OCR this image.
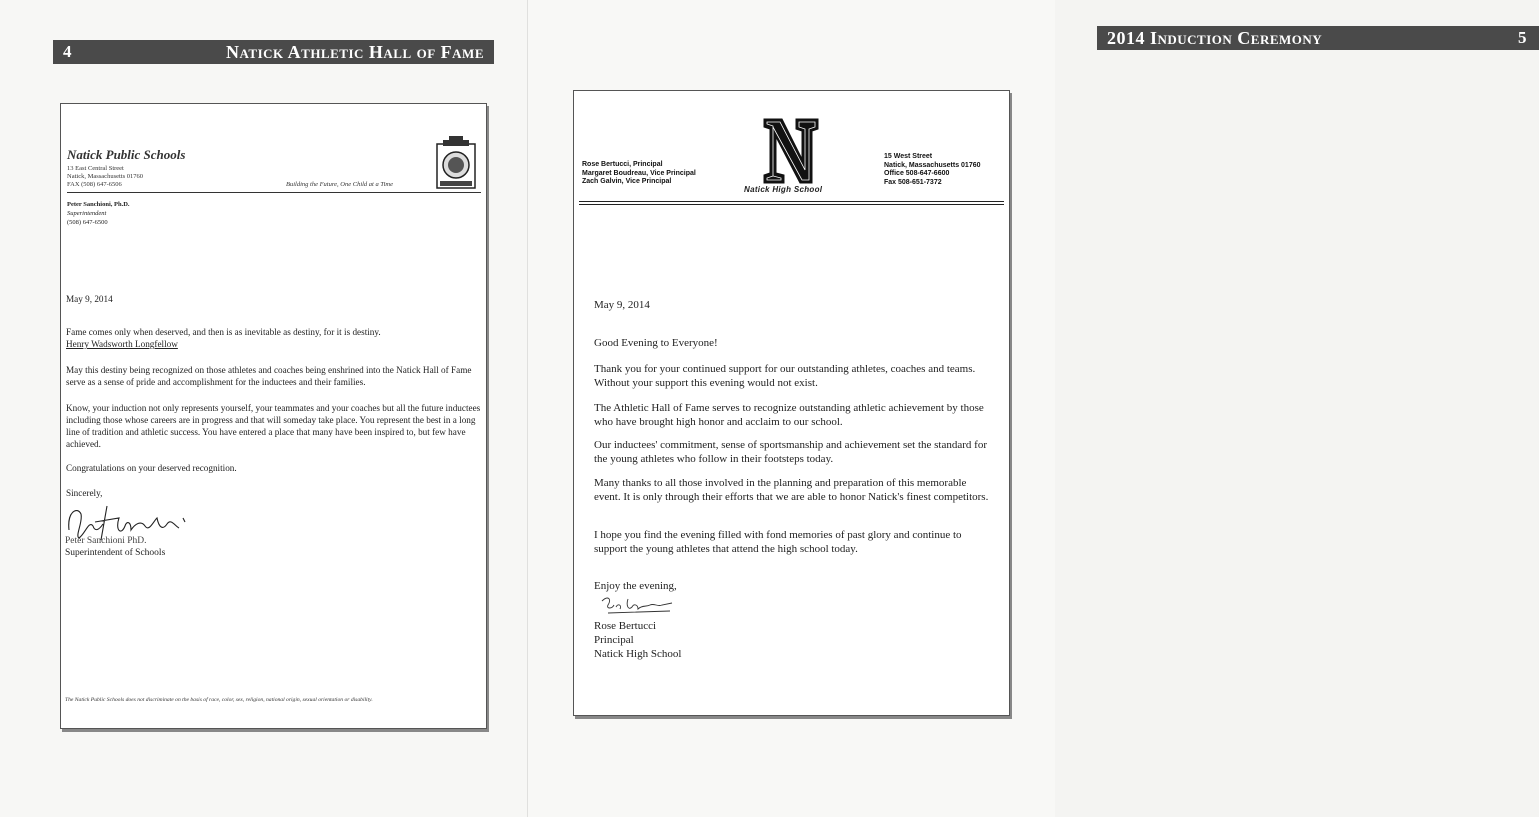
4	Natick Athletic Hall of Fame
Natick Public Schools
13 East Central Street
Natick, Massachusetts 01760
FAX (508) 647-6506	Building the Future, One Child at a Time
Peter Sanchioni, Ph.D.
Superintendent
(508) 647-6500
May 9, 2014
Fame comes only when deserved, and then is as inevitable as destiny, for it is destiny.
Henry Wadsworth Longfellow
May this destiny being recognized on those athletes and coaches being enshrined into the Natick Hall of Fame serve as a sense of pride and accomplishment for the inductees and their families.
Know, your induction not only represents yourself, your teammates and your coaches but all the future inductees including those whose careers are in progress and that will someday take place. You represent the best in a long line of tradition and athletic success. You have entered a place that many have been inspired to, but few have achieved.
Congratulations on your deserved recognition.
Sincerely,
Peter Sanchioni PhD.
Superintendent of Schools
The Natick Public Schools does not discriminate on the basis of race, color, sex, religion, national origin, sexual orientation or disability.
2014 Induction Ceremony	5
Rose Bertucci, Principal
Margaret Boudreau, Vice Principal
Zach Galvin, Vice Principal
Natick High School
15 West Street
Natick, Massachusetts 01760
Office 508-647-6600
Fax 508-651-7372
May 9, 2014
Good Evening to Everyone!
Thank you for your continued support for our outstanding athletes, coaches and teams. Without your support this evening would not exist.
The Athletic Hall of Fame serves to recognize outstanding athletic achievement by those who have brought high honor and acclaim to our school.
Our inductees' commitment, sense of sportsmanship and achievement set the standard for the young athletes who follow in their footsteps today.
Many thanks to all those involved in the planning and preparation of this memorable event. It is only through their efforts that we are able to honor Natick's finest competitors.
I hope you find the evening filled with fond memories of past glory and continue to support the young athletes that attend the high school today.
Enjoy the evening,
Rose Bertucci
Principal
Natick High School
